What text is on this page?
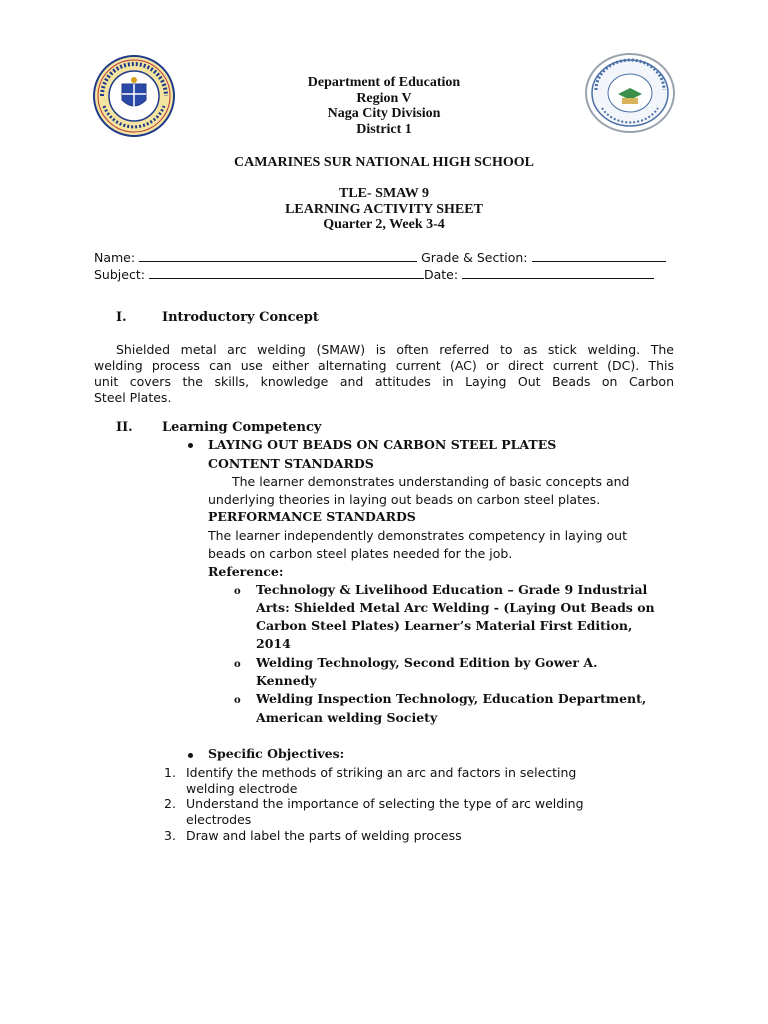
Department of Education
Region V
Naga City Division
District 1
CAMARINES SUR NATIONAL HIGH SCHOOL
TLE- SMAW 9
LEARNING ACTIVITY SHEET
Quarter 2, Week 3-4
Name:	Grade & Section:
Subject:	Date:
I.	Introductory Concept
Shielded metal arc welding (SMAW) is often referred to as stick welding. The
welding process can use either alternating current (AC) or direct current (DC). This
unit covers the skills, knowledge and attitudes in Laying Out Beads on Carbon
Steel Plates.
II. Learning Competency
LAYING OUT BEADS ON CARBON STEEL PLATES
CONTENT STANDARDS
The learner demonstrates understanding of basic concepts and
underlying theories in laying out beads on carbon steel plates.
PERFORMANCE STANDARDS
The learner independently demonstrates competency in laying out
beads on carbon steel plates needed for the job.
Reference:
o Technology & Livelihood Education – Grade 9 Industrial
Arts: Shielded Metal Arc Welding - (Laying Out Beads on
Carbon Steel Plates) Learner’s Material First Edition,
2014
o Welding Technology, Second Edition by Gower A.
Kennedy
o Welding Inspection Technology, Education Department,
American welding Society
Specific Objectives:
1. Identify the methods of striking an arc and factors in selecting
welding electrode
2. Understand the importance of selecting the type of arc welding
electrodes
3. Draw and label the parts of welding process
